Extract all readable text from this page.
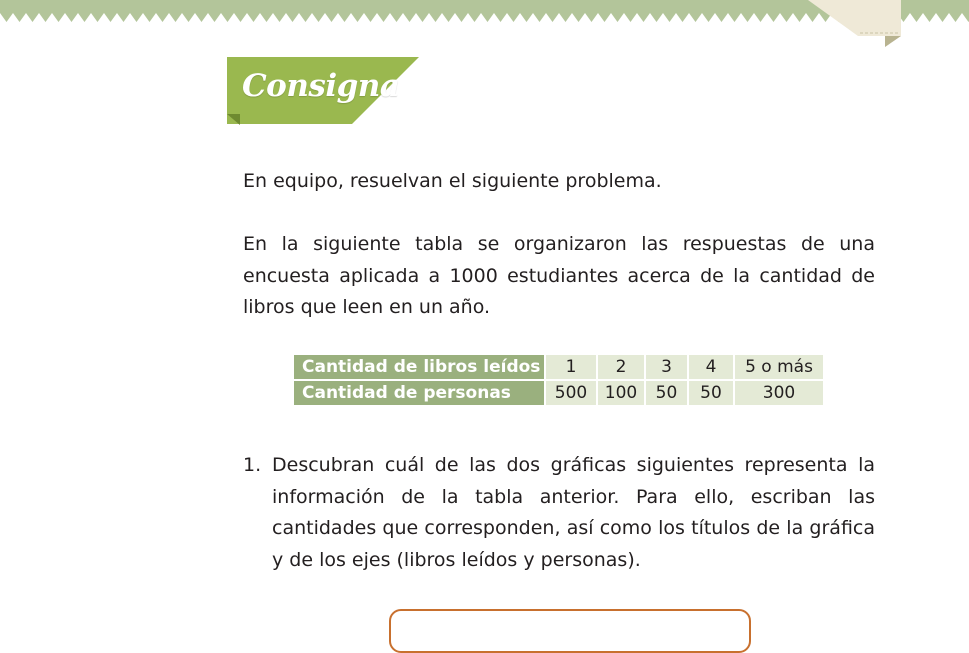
Consigna

En equipo, resuelvan el siguiente problema.

En la siguiente tabla se organizaron las respuestas de una encuesta aplicada a 1000 estudiantes acerca de la cantidad de libros que leen en un año.

Cantidad de libros leídos	1	2	3	4	5 o más
Cantidad de personas	500	100	50	50	300
1. Descubran cuál de las dos gráficas siguientes representa la información de la tabla anterior. Para ello, escriban las cantidades que corresponden, así como los títulos de la gráfica y de los ejes (libros leídos y personas).
